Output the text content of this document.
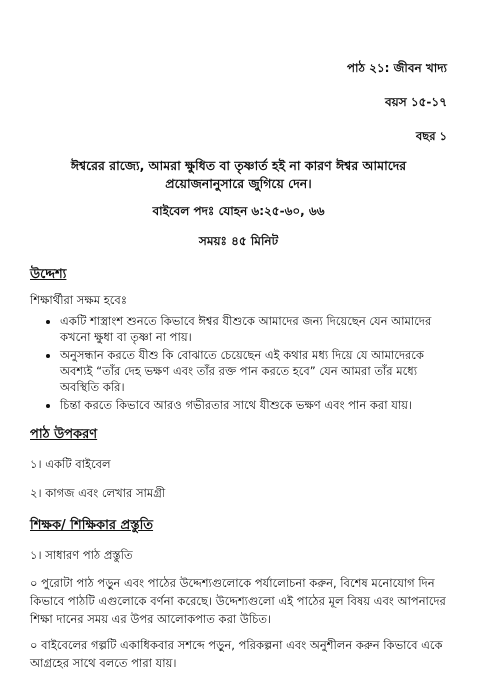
পাঠ ২১: জীবন খাদ্য
বয়স ১৫-১৭
বছর ১
ঈশ্বরের রাজ্যে, আমরা ক্ষুধিত বা তৃষ্ণার্ত হই না কারণ ঈশ্বর আমাদের প্রয়োজনানুসারে জুগিয়ে দেন।
বাইবেল পদঃ যোহন ৬:২৫-৬০, ৬৬
সময়ঃ ৪৫ মিনিট
উদ্দেশ্য
শিক্ষার্থীরা সক্ষম হবেঃ
• একটি শাস্ত্রাংশ শুনতে কিভাবে ঈশ্বর যীশুকে আমাদের জন্য দিয়েছেন যেন আমাদের কখনো ক্ষুধা বা তৃষ্ণা না পায়।
• অনুসন্ধান করতে যীশু কি বোঝাতে চেয়েছেন এই কথার মধ্য দিয়ে যে আমাদেরকে অবশ্যই “তাঁর দেহ ভক্ষণ এবং তাঁর রক্ত পান করতে হবে” যেন আমরা তাঁর মধ্যে অবস্থিতি করি।
• চিন্তা করতে কিভাবে আরও গভীরতার সাথে যীশুকে ভক্ষণ এবং পান করা যায়।
পাঠ উপকরণ
১। একটি বাইবেল
২। কাগজ এবং লেখার সামগ্রী
শিক্ষক/ শিক্ষিকার প্রস্তুতি
১। সাধারণ পাঠ প্রস্তুতি
০ পুরোটা পাঠ পড়ুন এবং পাঠের উদ্দেশ্যগুলোকে পর্যালোচনা করুন, বিশেষ মনোযোগ দিন কিভাবে পাঠটি এগুলোকে বর্ণনা করেছে। উদ্দেশ্যগুলো এই পাঠের মূল বিষয় এবং আপনাদের শিক্ষা দানের সময় এর উপর আলোকপাত করা উচিত।
০ বাইবেলের গল্পটি একাধিকবার সশব্দে পড়ুন, পরিকল্পনা এবং অনুশীলন করুন কিভাবে একে আগ্রহের সাথে বলতে পারা যায়।
